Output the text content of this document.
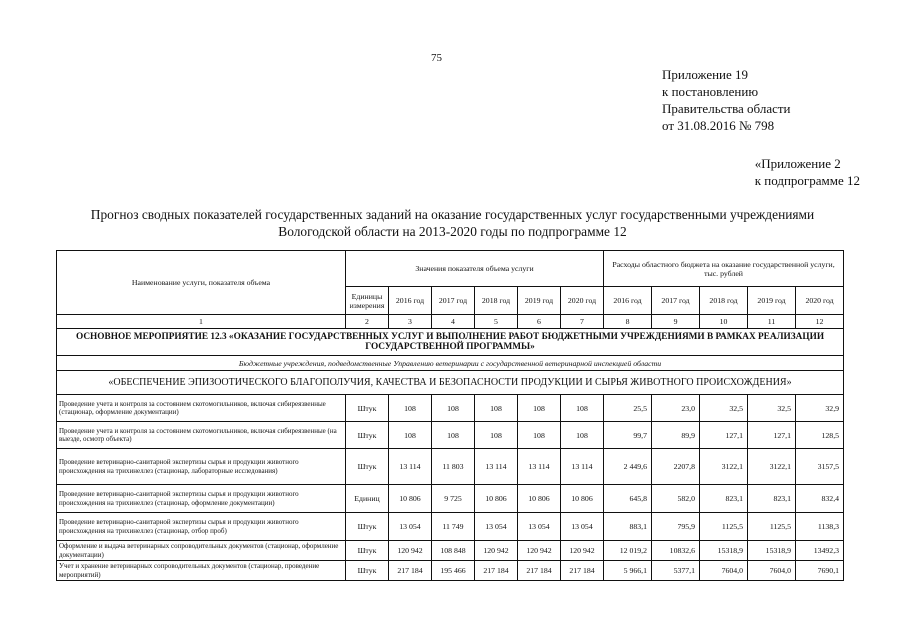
75
Приложение 19
к постановлению
Правительства области
от 31.08.2016 № 798
«Приложение 2
к подпрограмме 12
Прогноз сводных показателей государственных заданий на оказание государственных услуг государственными учреждениями
Вологодской области на 2013-2020 годы по подпрограмме 12
Наименование услуги, показателя объема	Значения показателя объема услуги						Расходы областного бюджета на оказание государственной услуги, тыс. рублей				
	Единицы измерения	2016 год	2017 год	2018 год	2019 год	2020 год	2016 год	2017 год	2018 год	2019 год	2020 год
1	2	3	4	5	6	7	8	9	10	11	12
ОСНОВНОЕ МЕРОПРИЯТИЕ 12.3 «ОКАЗАНИЕ ГОСУДАРСТВЕННЫХ УСЛУГ И ВЫПОЛНЕНИЕ РАБОТ БЮДЖЕТНЫМИ УЧРЕЖДЕНИЯМИ В РАМКАХ РЕАЛИЗАЦИИ ГОСУДАРСТВЕННОЙ ПРОГРАММЫ»											
Бюджетные учреждения, подведомственные Управлению ветеринарии с государственной ветеринарной инспекцией области											
«ОБЕСПЕЧЕНИЕ ЭПИЗООТИЧЕСКОГО БЛАГОПОЛУЧИЯ, КАЧЕСТВА И БЕЗОПАСНОСТИ ПРОДУКЦИИ И СЫРЬЯ ЖИВОТНОГО ПРОИСХОЖДЕНИЯ»											
Проведение учета и контроля за состоянием скотомогильников, включая сибиреязвенные (стационар, оформление документации)	Штук	108	108	108	108	108	25,5	23,0	32,5	32,5	32,9
Проведение учета и контроля за состоянием скотомогильников, включая сибиреязвенные (на выезде, осмотр объекта)	Штук	108	108	108	108	108	99,7	89,9	127,1	127,1	128,5
Проведение ветеринарно-санитарной экспертизы сырья и продукции животного происхождения на трихинеллез (стационар, лабораторные исследования)	Штук	13 114	11 803	13 114	13 114	13 114	2 449,6	2207,8	3122,1	3122,1	3157,5
Проведение ветеринарно-санитарной экспертизы сырья и продукции животного происхождения на трихинеллез (стационар, оформление документации)	Единиц	10 806	9 725	10 806	10 806	10 806	645,8	582,0	823,1	823,1	832,4
Проведение ветеринарно-санитарной экспертизы сырья и продукции животного происхождения на трихинеллез (стационар, отбор проб)	Штук	13 054	11 749	13 054	13 054	13 054	883,1	795,9	1125,5	1125,5	1138,3
Оформление и выдача ветеринарных сопроводительных документов (стационар, оформление документации)	Штук	120 942	108 848	120 942	120 942	120 942	12 019,2	10832,6	15318,9	15318,9	13492,3
Учет и хранение ветеринарных сопроводительных документов (стационар, проведение мероприятий)	Штук	217 184	195 466	217 184	217 184	217 184	5 966,1	5377,1	7604,0	7604,0	7690,1
